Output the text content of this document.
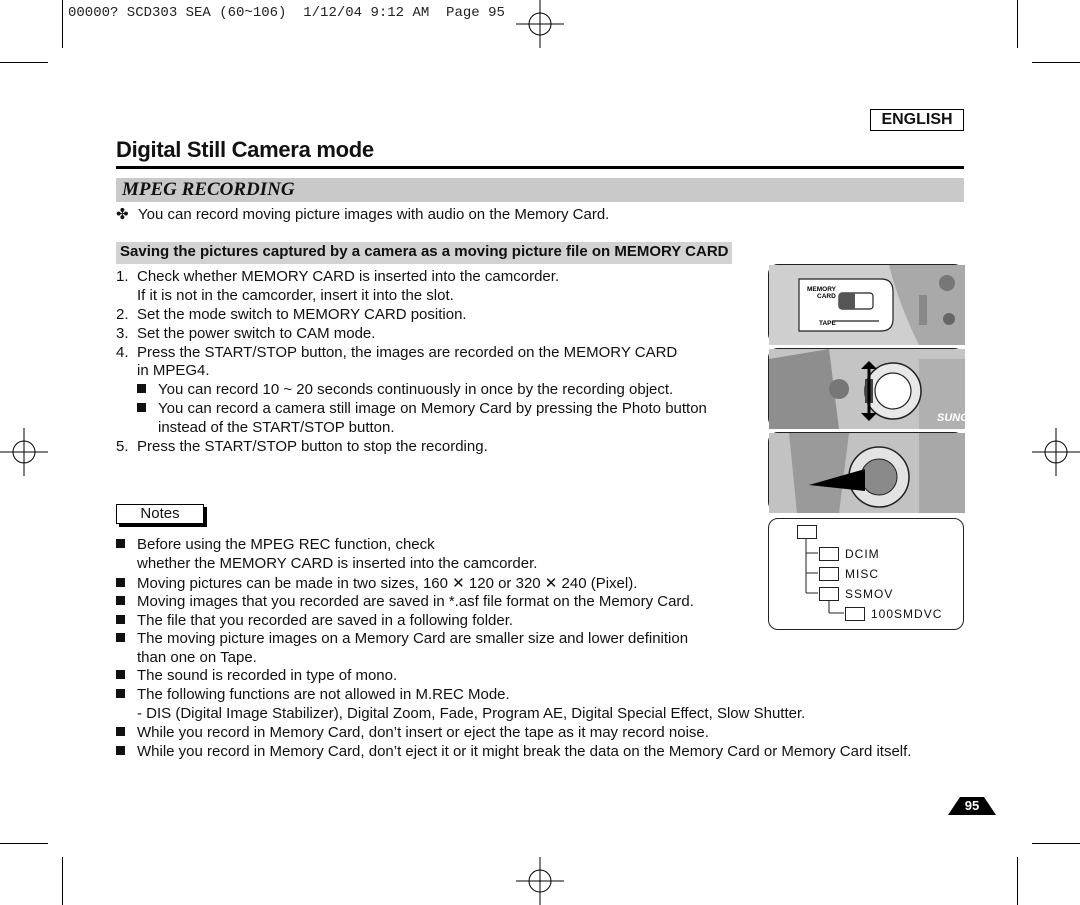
00000? SCD303 SEA (60~106)  1/12/04 9:12 AM  Page 95
ENGLISH
Digital Still Camera mode
MPEG RECORDING
✤ You can record moving picture images with audio on the Memory Card.
Saving the pictures captured by a camera as a moving picture file on MEMORY CARD
1. Check whether MEMORY CARD is inserted into the camcorder.
If it is not in the camcorder, insert it into the slot.
2. Set the mode switch to MEMORY CARD position.
3. Set the power switch to CAM mode.
4. Press the START/STOP button, the images are recorded on the MEMORY CARD
in MPEG4.
You can record 10 ~ 20 seconds continuously in once by the recording object.
You can record a camera still image on Memory Card by pressing the Photo button
instead of the START/STOP button.
5. Press the START/STOP button to stop the recording.
Notes
Before using the MPEG REC function, check
whether the MEMORY CARD is inserted into the camcorder.
Moving pictures can be made in two sizes, 160 ✕ 120 or 320 ✕ 240 (Pixel).
Moving images that you recorded are saved in *.asf file format on the Memory Card.
The file that you recorded are saved in a following folder.
The moving picture images on a Memory Card are smaller size and lower definition
than one on Tape.
The sound is recorded in type of mono.
The following functions are not allowed in M.REC Mode.
- DIS (Digital Image Stabilizer), Digital Zoom, Fade, Program AE, Digital Special Effect, Slow Shutter.
While you record in Memory Card, don’t insert or eject the tape as it may record noise.
While you record in Memory Card, don’t eject it or it might break the data on the Memory Card or Memory Card itself.
MEMORY
CARD
TAPE
SUNG
DCIM
MISC
SSMOV
100SMDVC
95
